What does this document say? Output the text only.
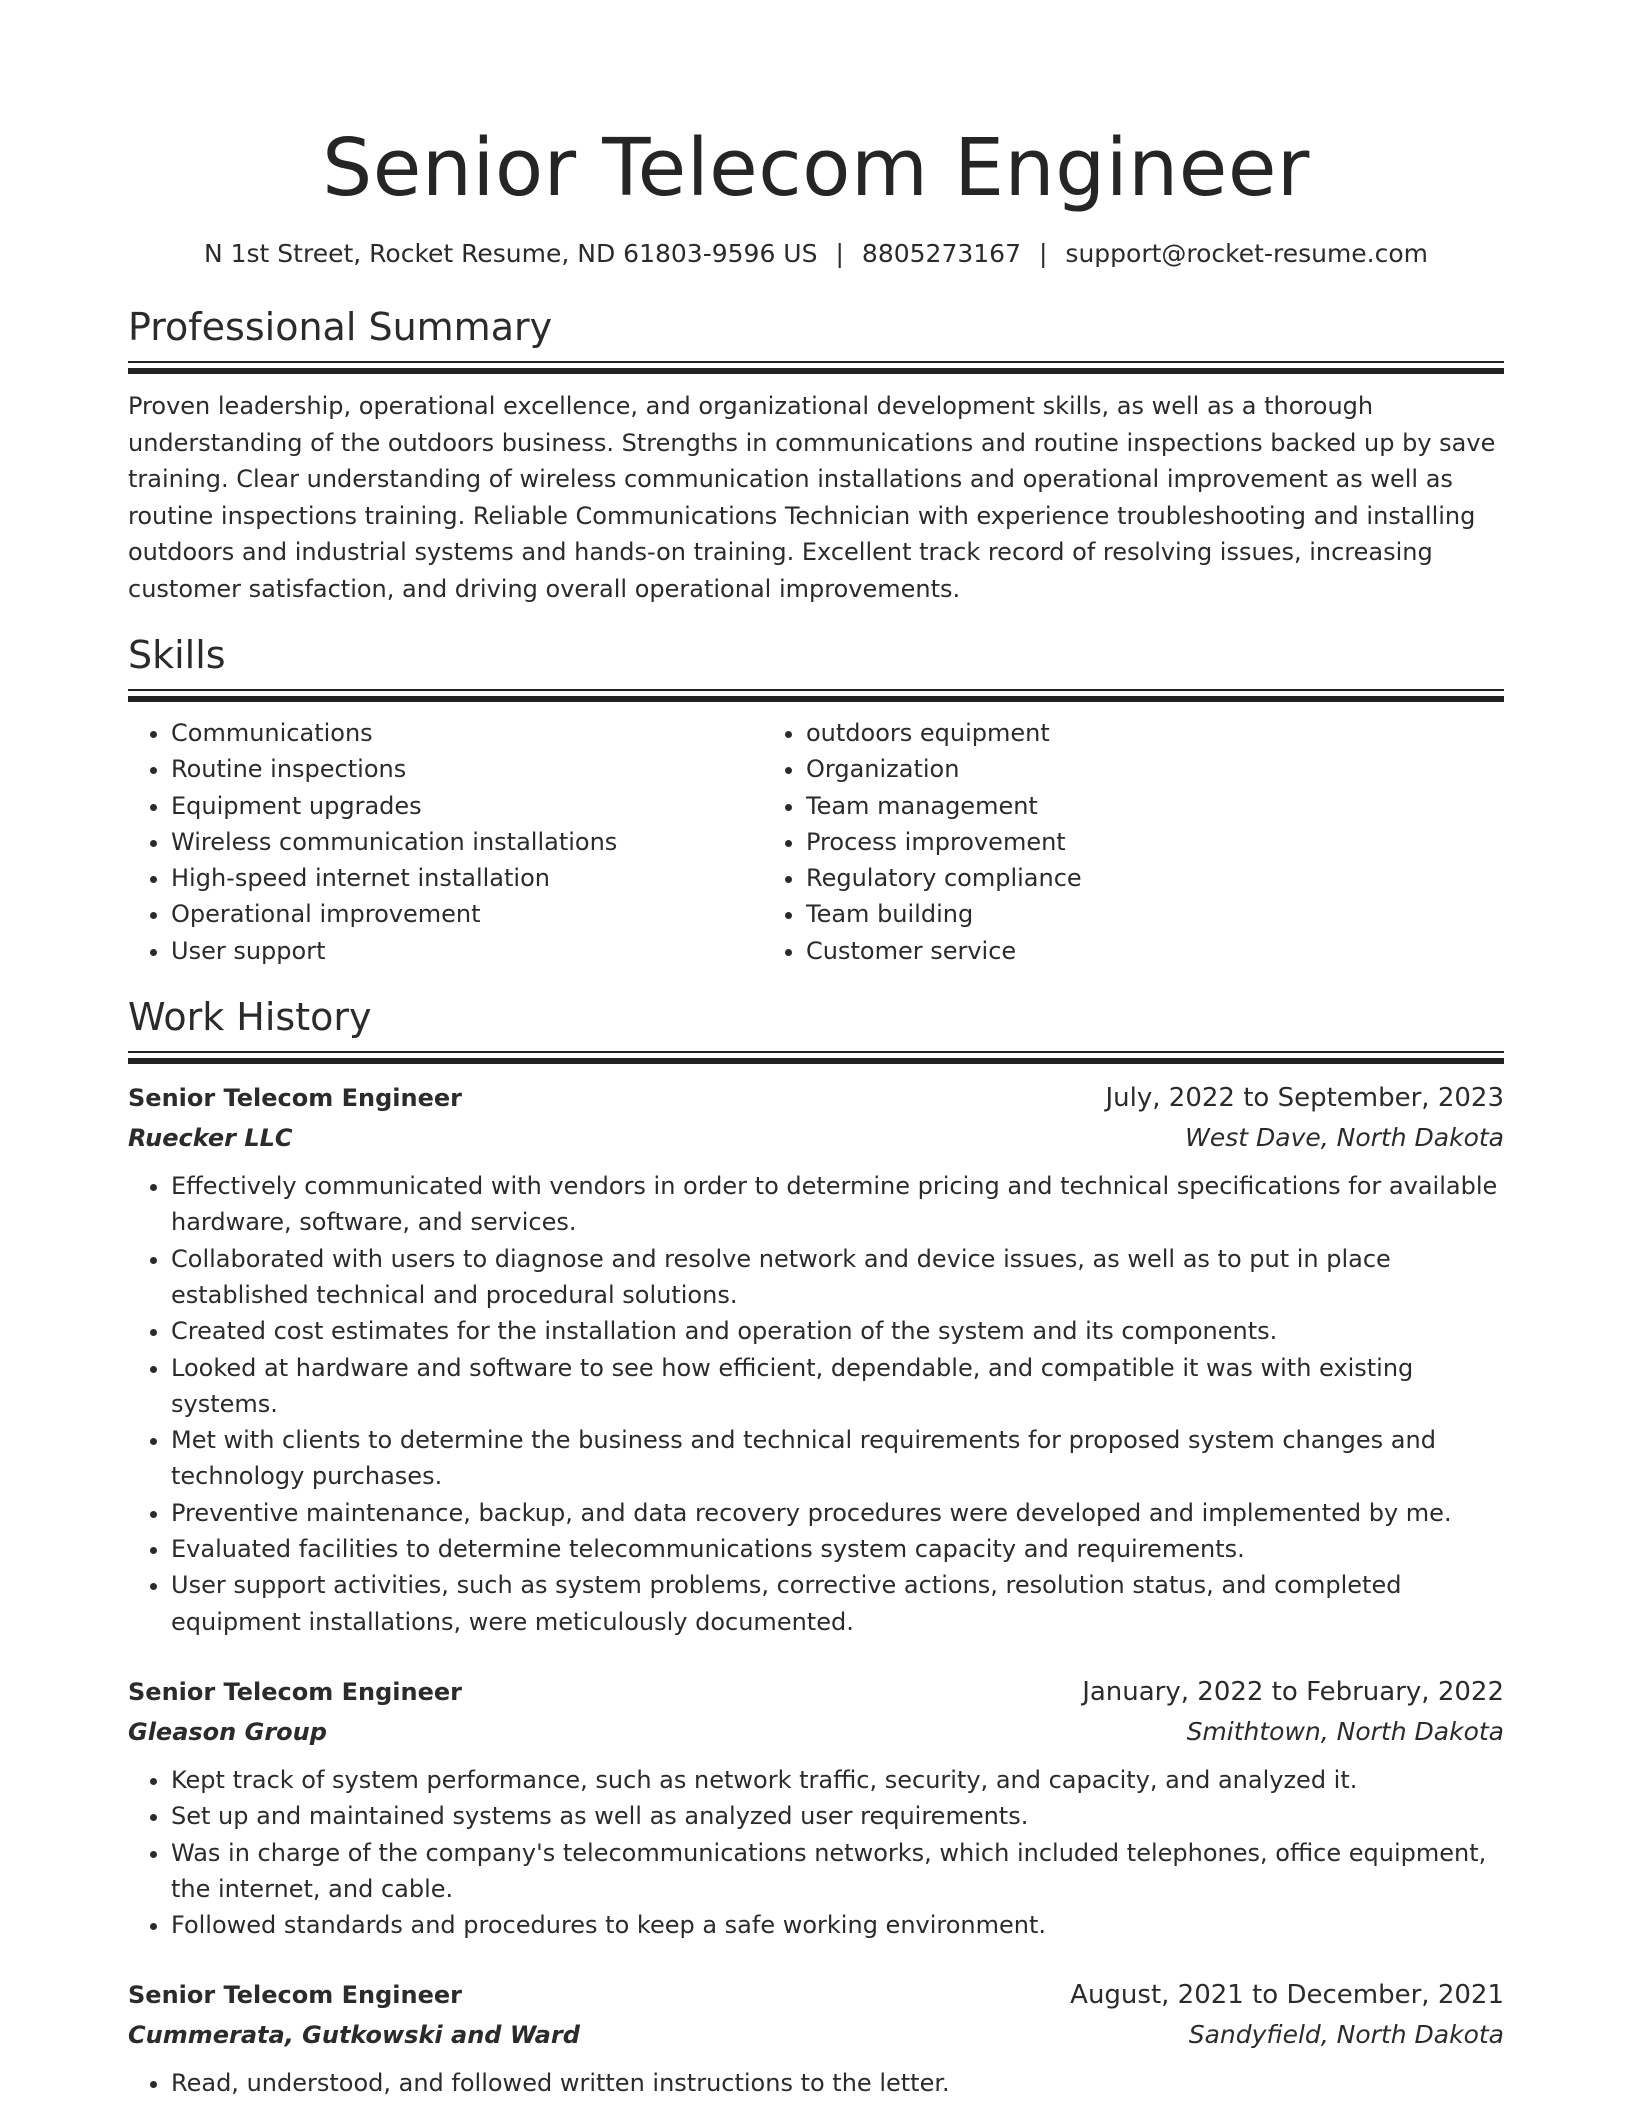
Senior Telecom Engineer
N 1st Street, Rocket Resume, ND 61803-9596 US | 8805273167 | support@rocket-resume.com
Professional Summary
Proven leadership, operational excellence, and organizational development skills, as well as a thorough understanding of the outdoors business. Strengths in communications and routine inspections backed up by save training. Clear understanding of wireless communication installations and operational improvement as well as routine inspections training. Reliable Communications Technician with experience troubleshooting and installing outdoors and industrial systems and hands-on training. Excellent track record of resolving issues, increasing customer satisfaction, and driving overall operational improvements.
Skills
• Communications
• Routine inspections
• Equipment upgrades
• Wireless communication installations
• High-speed internet installation
• Operational improvement
• User support
• outdoors equipment
• Organization
• Team management
• Process improvement
• Regulatory compliance
• Team building
• Customer service
Work History
Senior Telecom Engineer	July, 2022 to September, 2023
Ruecker LLC	West Dave, North Dakota
• Effectively communicated with vendors in order to determine pricing and technical specifications for available hardware, software, and services.
• Collaborated with users to diagnose and resolve network and device issues, as well as to put in place established technical and procedural solutions.
• Created cost estimates for the installation and operation of the system and its components.
• Looked at hardware and software to see how efficient, dependable, and compatible it was with existing systems.
• Met with clients to determine the business and technical requirements for proposed system changes and technology purchases.
• Preventive maintenance, backup, and data recovery procedures were developed and implemented by me.
• Evaluated facilities to determine telecommunications system capacity and requirements.
• User support activities, such as system problems, corrective actions, resolution status, and completed equipment installations, were meticulously documented.
Senior Telecom Engineer	January, 2022 to February, 2022
Gleason Group	Smithtown, North Dakota
• Kept track of system performance, such as network traffic, security, and capacity, and analyzed it.
• Set up and maintained systems as well as analyzed user requirements.
• Was in charge of the company's telecommunications networks, which included telephones, office equipment, the internet, and cable.
• Followed standards and procedures to keep a safe working environment.
Senior Telecom Engineer	August, 2021 to December, 2021
Cummerata, Gutkowski and Ward	Sandyfield, North Dakota
• Read, understood, and followed written instructions to the letter.
